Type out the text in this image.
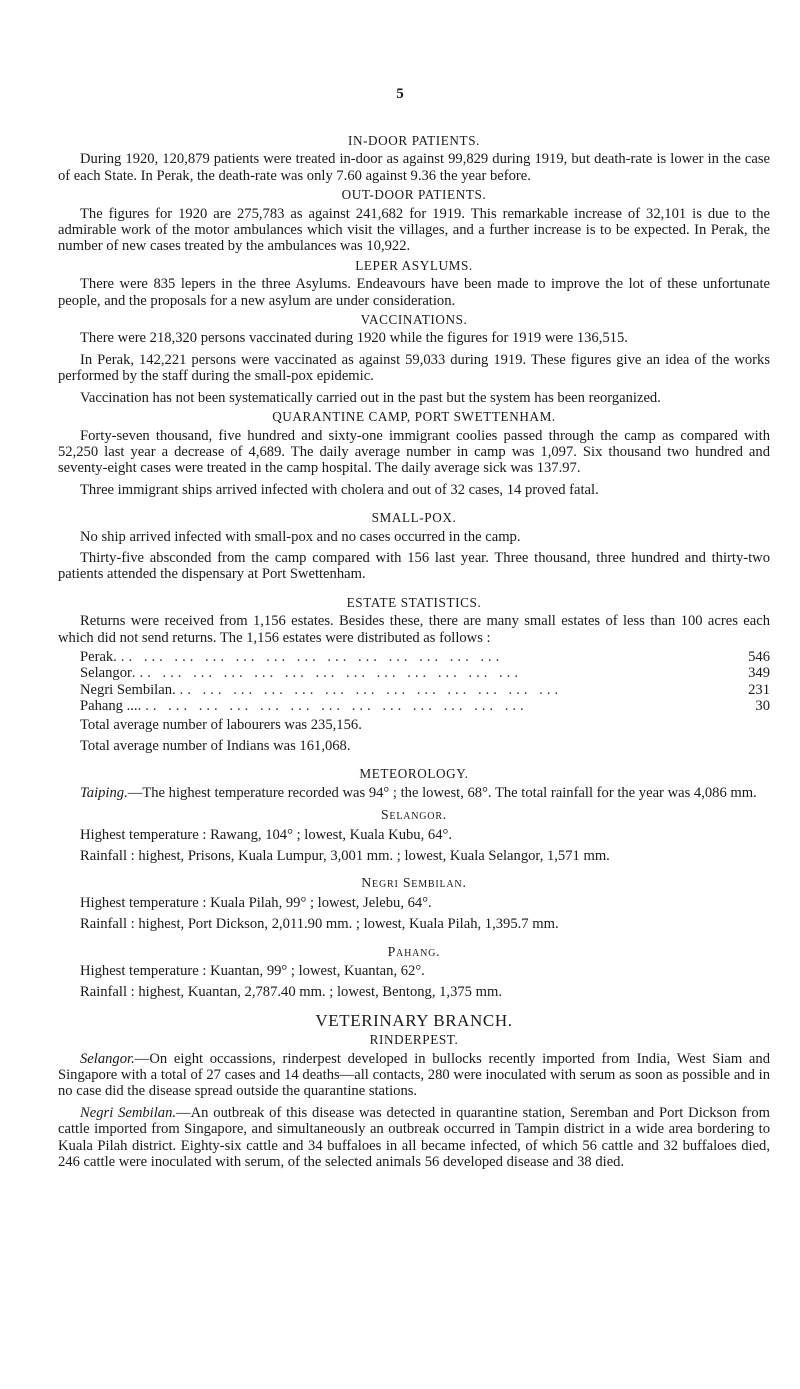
5
IN-DOOR PATIENTS.

During 1920, 120,879 patients were treated in-door as against 99,829 during 1919, but death-rate is lower in the case of each State. In Perak, the death-rate was only 7.60 against 9.36 the year before.

OUT-DOOR PATIENTS.

The figures for 1920 are 275,783 as against 241,682 for 1919. This remarkable increase of 32,101 is due to the admirable work of the motor ambulances which visit the villages, and a further increase is to be expected. In Perak, the number of new cases treated by the ambulances was 10,922.

LEPER ASYLUMS.

There were 835 lepers in the three Asylums. Endeavours have been made to improve the lot of these unfortunate people, and the proposals for a new asylum are under consideration.

VACCINATIONS.

There were 218,320 persons vaccinated during 1920 while the figures for 1919 were 136,515.

In Perak, 142,221 persons were vaccinated as against 59,033 during 1919. These figures give an idea of the works performed by the staff during the small-pox epidemic.

Vaccination has not been systematically carried out in the past but the system has been reorganized.

QUARANTINE CAMP, PORT SWETTENHAM.

Forty-seven thousand, five hundred and sixty-one immigrant coolies passed through the camp as compared with 52,250 last year a decrease of 4,689. The daily average number in camp was 1,097. Six thousand two hundred and seventy-eight cases were treated in the camp hospital. The daily average sick was 137.97.

Three immigrant ships arrived infected with cholera and out of 32 cases, 14 proved fatal.

SMALL-POX.

No ship arrived infected with small-pox and no cases occurred in the camp.

Thirty-five absconded from the camp compared with 156 last year. Three thousand, three hundred and thirty-two patients attended the dispensary at Port Swettenham.

ESTATE STATISTICS.

Returns were received from 1,156 estates. Besides these, there are many small estates of less than 100 acres each which did not send returns. The 1,156 estates were distributed as follows :

Perak ... ... ... ... ... ... ... ... ... ... ... ... ...	546
Selangor ... ... ... ... ... ... ... ... ... ... ... ... ...	349
Negri Sembilan ... ... ... ... ... ... ... ... ... ... ... ... ...	231
Pahang ... ... ... ... ... ... ... ... ... ... ... ... ... ...	30

Total average number of labourers was 235,156.

Total average number of Indians was 161,068.

METEOROLOGY.

Taiping.—The highest temperature recorded was 94° ; the lowest, 68°. The total rainfall for the year was 4,086 mm.

Selangor.

Highest temperature : Rawang, 104° ; lowest, Kuala Kubu, 64°.

Rainfall : highest, Prisons, Kuala Lumpur, 3,001 mm. ; lowest, Kuala Selangor, 1,571 mm.

Negri Sembilan.

Highest temperature : Kuala Pilah, 99° ; lowest, Jelebu, 64°.

Rainfall : highest, Port Dickson, 2,011.90 mm. ; lowest, Kuala Pilah, 1,395.7 mm.

Pahang.

Highest temperature : Kuantan, 99° ; lowest, Kuantan, 62°.

Rainfall : highest, Kuantan, 2,787.40 mm. ; lowest, Bentong, 1,375 mm.

VETERINARY BRANCH.
RINDERPEST.

Selangor.—On eight occassions, rinderpest developed in bullocks recently imported from India, West Siam and Singapore with a total of 27 cases and 14 deaths—all contacts, 280 were inoculated with serum as soon as possible and in no case did the disease spread outside the quarantine stations.

Negri Sembilan.—An outbreak of this disease was detected in quarantine station, Seremban and Port Dickson from cattle imported from Singapore, and simultaneously an outbreak occurred in Tampin district in a wide area bordering to Kuala Pilah district. Eighty-six cattle and 34 buffaloes in all became infected, of which 56 cattle and 32 buffaloes died, 246 cattle were inoculated with serum, of the selected animals 56 developed disease and 38 died.
